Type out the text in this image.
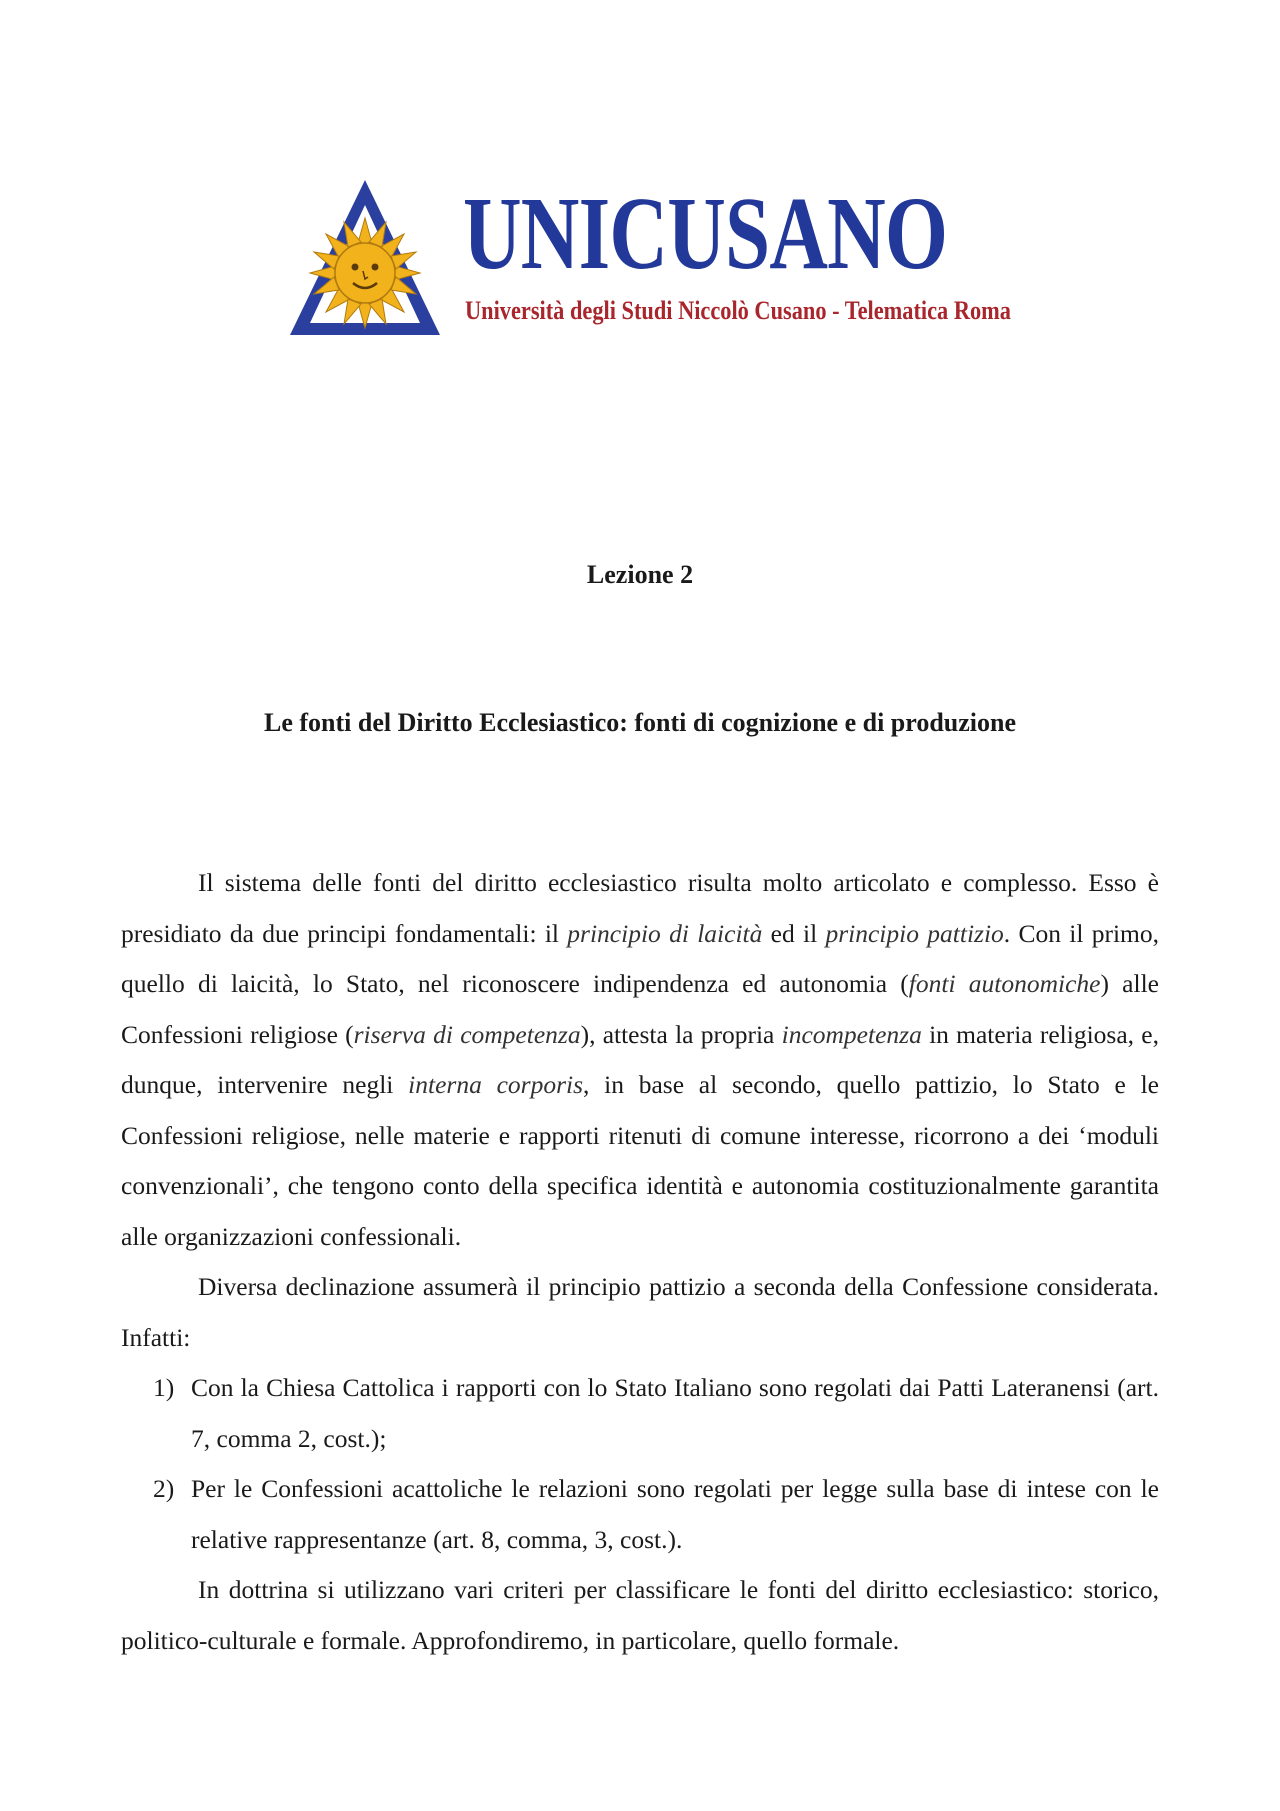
UNICUSANO
Università degli Studi Niccolò Cusano - Telematica Roma
Lezione 2
Le fonti del Diritto Ecclesiastico: fonti di cognizione e di produzione

Il sistema delle fonti del diritto ecclesiastico risulta molto articolato e complesso. Esso è presidiato da due principi fondamentali: il principio di laicità ed il principio pattizio. Con il primo, quello di laicità, lo Stato, nel riconoscere indipendenza ed autonomia (fonti autonomiche) alle Confessioni religiose (riserva di competenza), attesta la propria incompetenza in materia religiosa, e, dunque, intervenire negli interna corporis, in base al secondo, quello pattizio, lo Stato e le Confessioni religiose, nelle materie e rapporti ritenuti di comune interesse, ricorrono a dei ‘moduli convenzionali’, che tengono conto della specifica identità e autonomia costituzionalmente garantita alle organizzazioni confessionali.

Diversa declinazione assumerà il principio pattizio a seconda della Confessione considerata. Infatti:

1) Con la Chiesa Cattolica i rapporti con lo Stato Italiano sono regolati dai Patti Lateranensi (art. 7, comma 2, cost.);
2) Per le Confessioni acattoliche le relazioni sono regolati per legge sulla base di intese con le relative rappresentanze (art. 8, comma, 3, cost.).

In dottrina si utilizzano vari criteri per classificare le fonti del diritto ecclesiastico: storico, politico-culturale e formale. Approfondiremo, in particolare, quello formale.
